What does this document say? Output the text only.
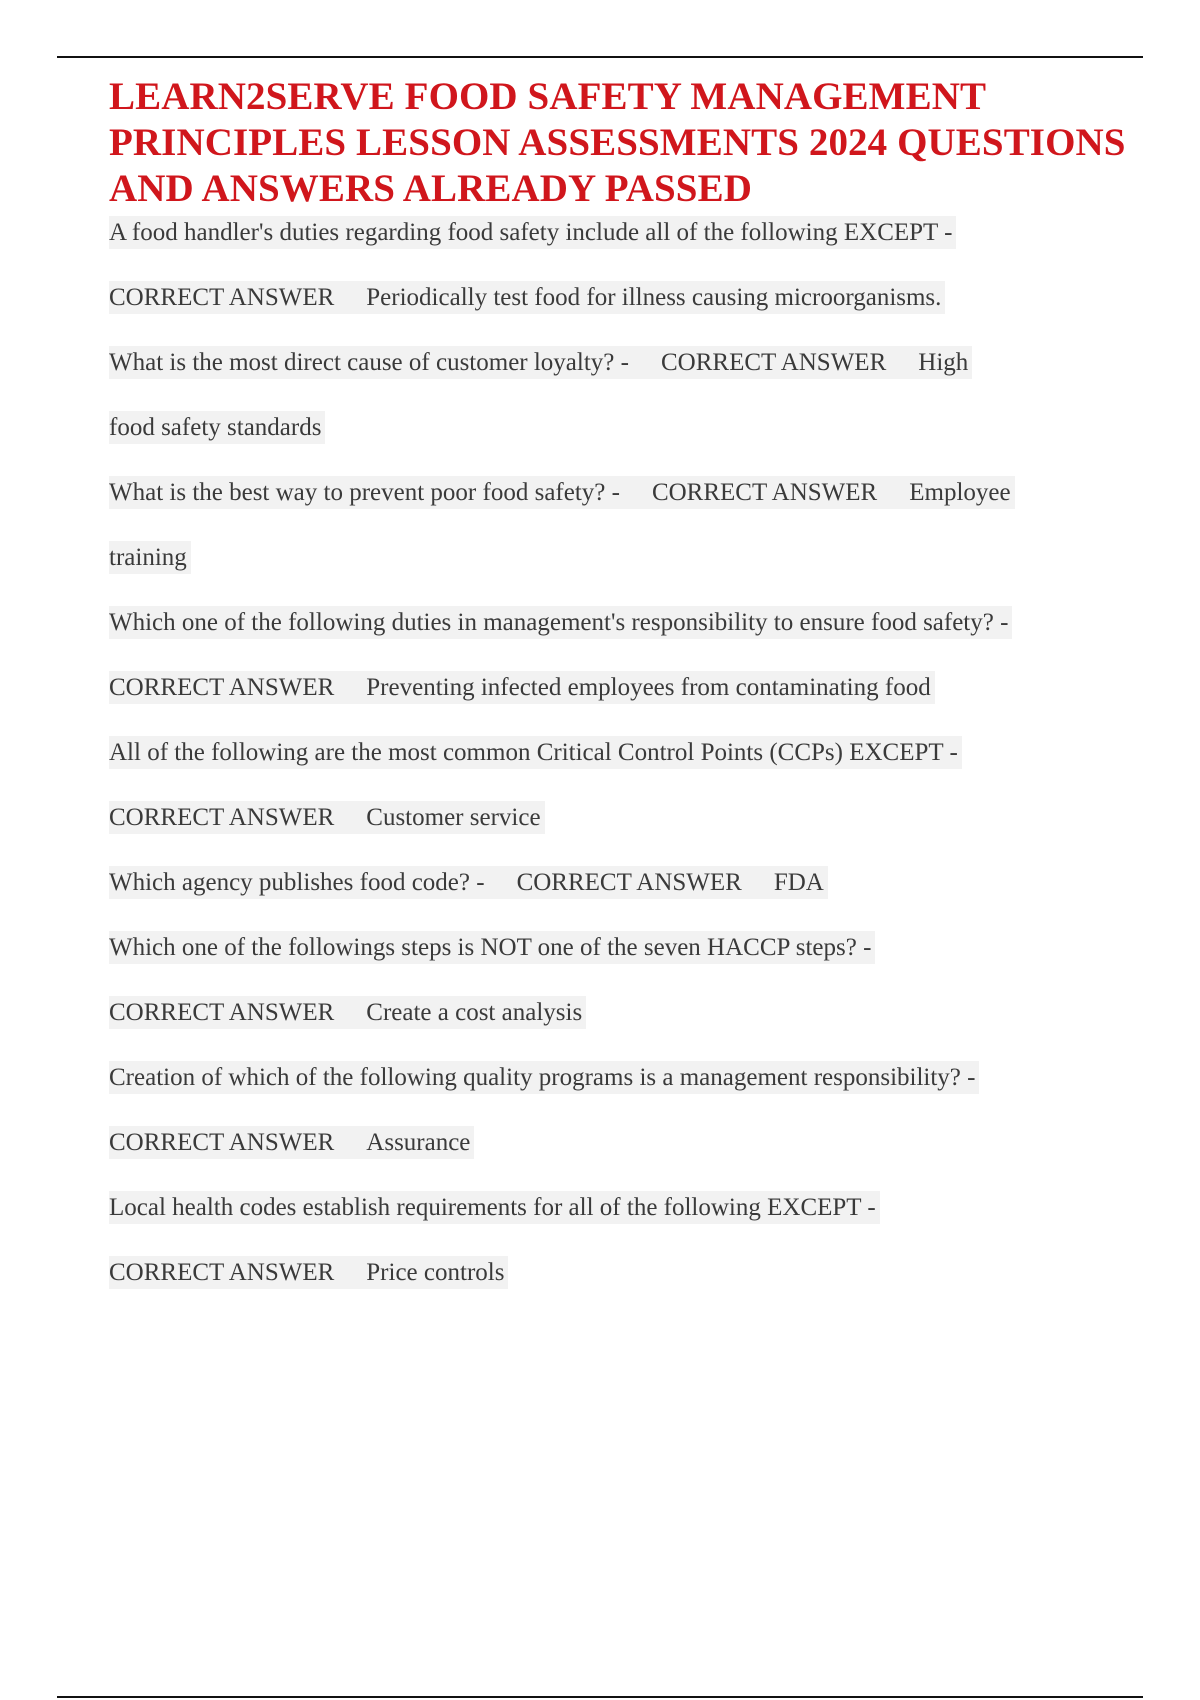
LEARN2SERVE FOOD SAFETY MANAGEMENT PRINCIPLES LESSON ASSESSMENTS 2024 QUESTIONS AND ANSWERS ALREADY PASSED
A food handler's duties regarding food safety include all of the following EXCEPT -
CORRECT ANSWER Periodically test food for illness causing microorganisms.
What is the most direct cause of customer loyalty? - CORRECT ANSWER High
food safety standards
What is the best way to prevent poor food safety? - CORRECT ANSWER Employee
training
Which one of the following duties in management's responsibility to ensure food safety? -
CORRECT ANSWER Preventing infected employees from contaminating food
All of the following are the most common Critical Control Points (CCPs) EXCEPT -
CORRECT ANSWER Customer service
Which agency publishes food code? - CORRECT ANSWER FDA
Which one of the followings steps is NOT one of the seven HACCP steps? -
CORRECT ANSWER Create a cost analysis
Creation of which of the following quality programs is a management responsibility? -
CORRECT ANSWER Assurance
Local health codes establish requirements for all of the following EXCEPT -
CORRECT ANSWER Price controls
